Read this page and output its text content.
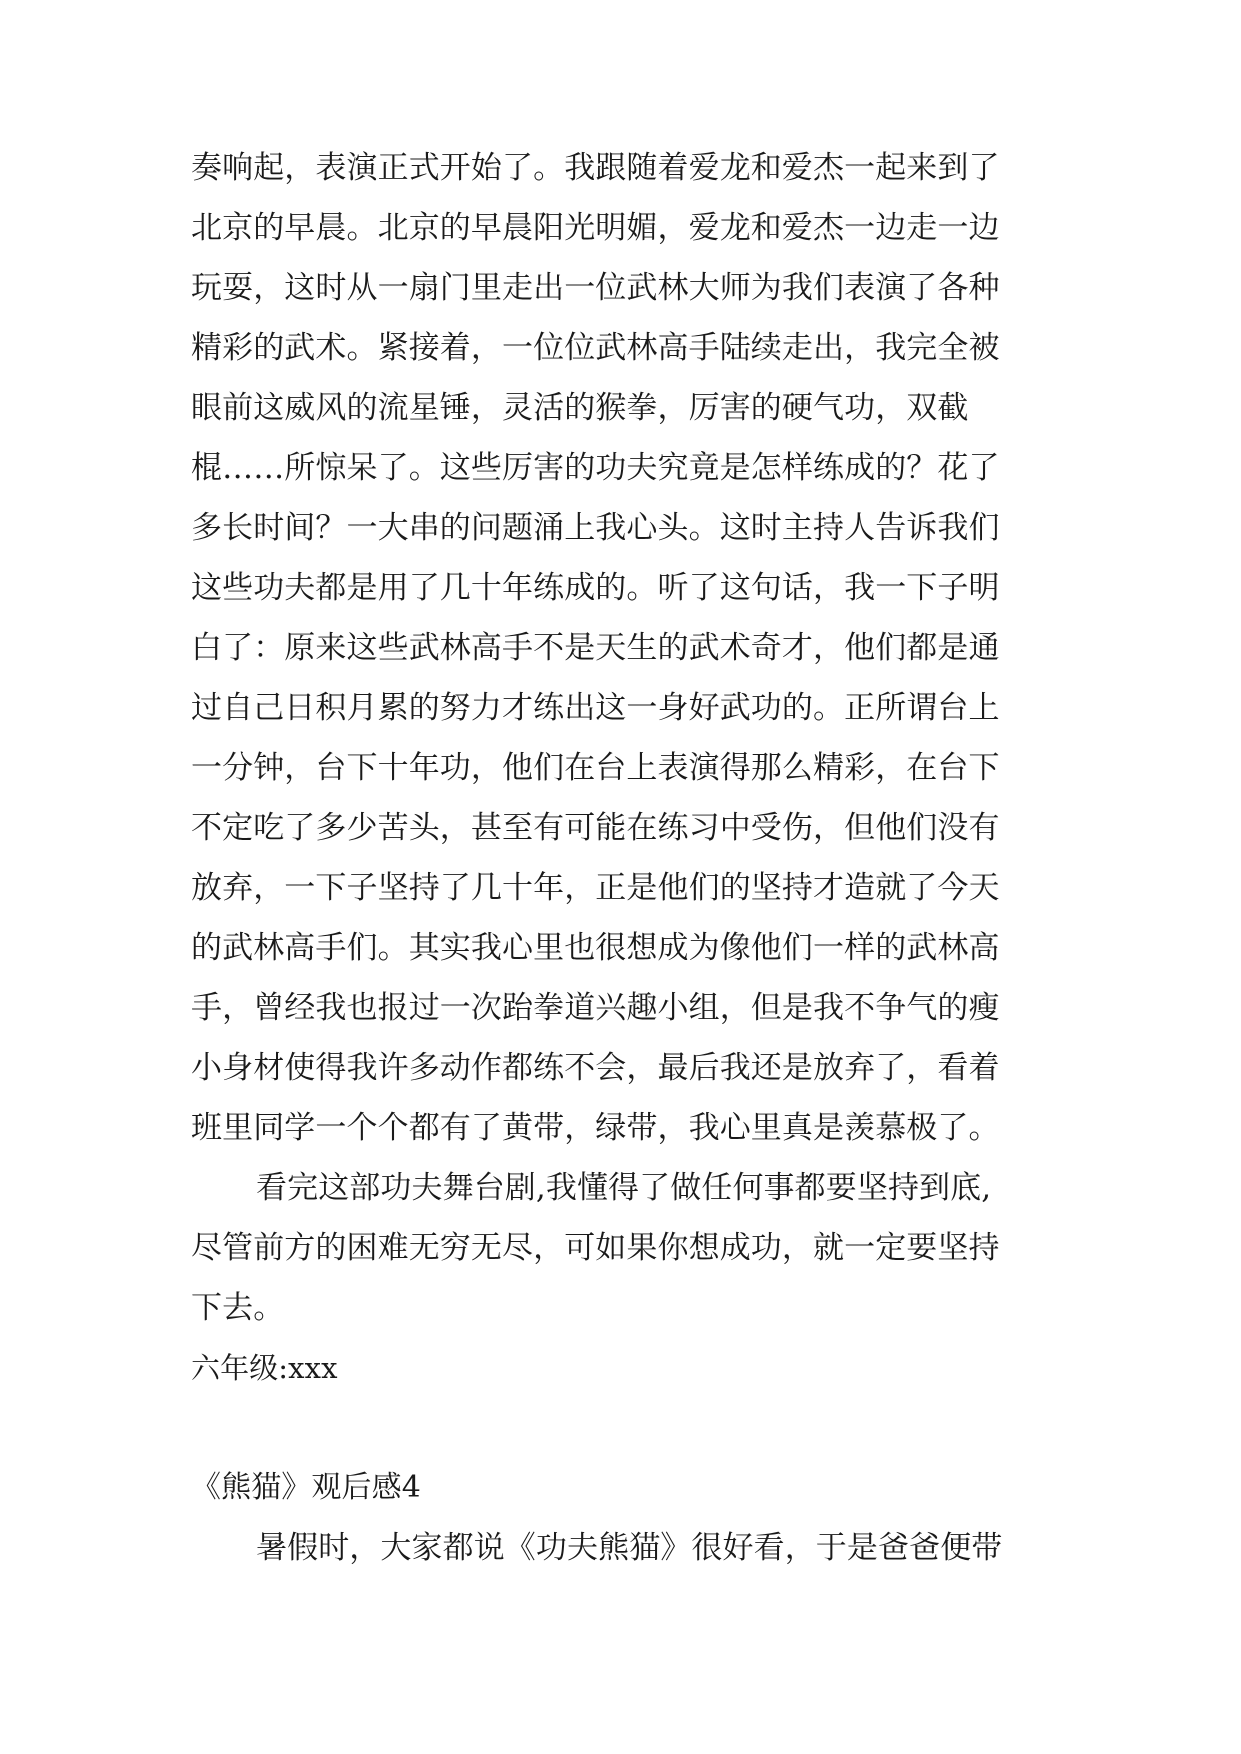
奏响起，表演正式开始了。我跟随着爱龙和爱杰一起来到了
北京的早晨。北京的早晨阳光明媚，爱龙和爱杰一边走一边
玩耍，这时从一扇门里走出一位武林大师为我们表演了各种
精彩的武术。紧接着，一位位武林高手陆续走出，我完全被
眼前这威风的流星锤，灵活的猴拳，厉害的硬气功，双截
棍……所惊呆了。这些厉害的功夫究竟是怎样练成的？花了
多长时间？一大串的问题涌上我心头。这时主持人告诉我们
这些功夫都是用了几十年练成的。听了这句话，我一下子明
白了：原来这些武林高手不是天生的武术奇才，他们都是通
过自己日积月累的努力才练出这一身好武功的。正所谓台上
一分钟，台下十年功，他们在台上表演得那么精彩，在台下
不定吃了多少苦头，甚至有可能在练习中受伤，但他们没有
放弃，一下子坚持了几十年，正是他们的坚持才造就了今天
的武林高手们。其实我心里也很想成为像他们一样的武林高
手，曾经我也报过一次跆拳道兴趣小组，但是我不争气的瘦
小身材使得我许多动作都练不会，最后我还是放弃了，看着
班里同学一个个都有了黄带，绿带，我心里真是羡慕极了。
看完这部功夫舞台剧,我懂得了做任何事都要坚持到底,
尽管前方的困难无穷无尽，可如果你想成功，就一定要坚持
下去。
六年级:xxx
《熊猫》观后感4
暑假时，大家都说《功夫熊猫》很好看，于是爸爸便带
